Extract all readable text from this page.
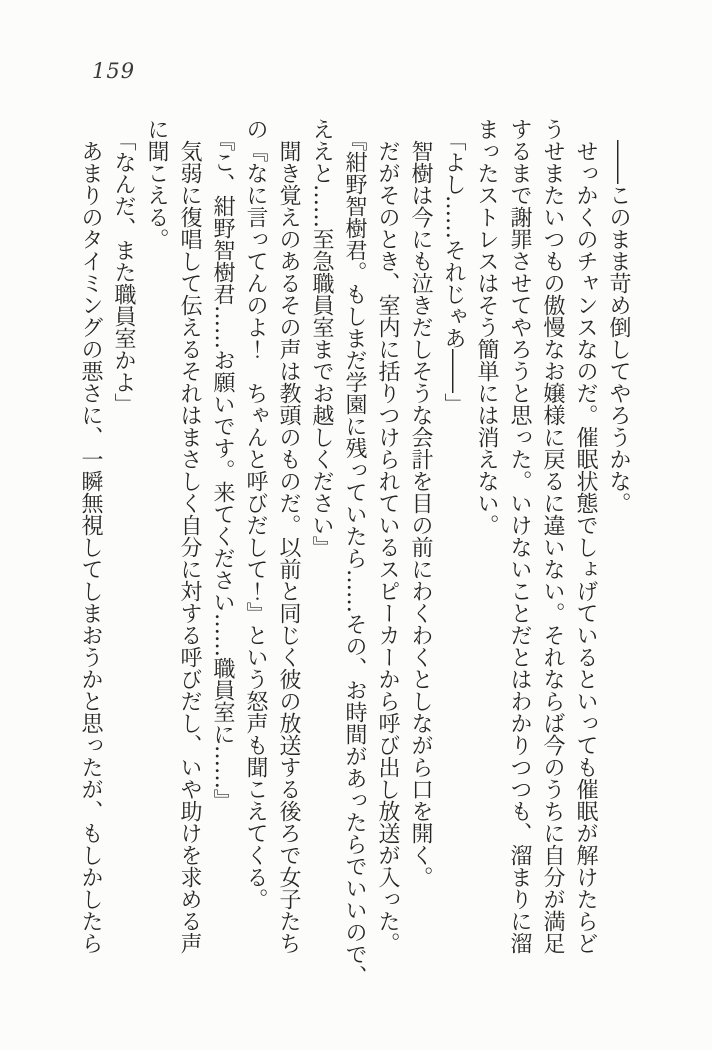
159

――このまま苛め倒してやろうかな。

せっかくのチャンスなのだ。催眠状態でしょげているといっても催眠が解けたらど

うせまたいつもの傲慢なお嬢様に戻るに違いない。それならば今のうちに自分が満足

するまで謝罪させてやろうと思った。いけないことだとはわかりつつも、溜まりに溜

まったストレスはそう簡単には消えない。

「よし……それじゃあ――」

智樹は今にも泣きだしそうな会計を目の前にわくわくとしながら口を開く。

だがそのとき、室内に括りつけられているスピーカーから呼び出し放送が入った。

『紺野智樹君。もしまだ学園に残っていたら……その、お時間があったらでいいので、

ええと……至急職員室までお越しください』

聞き覚えのあるその声は教頭のものだ。以前と同じく彼の放送する後ろで女子たち

の『なに言ってんのよ！　ちゃんと呼びだして！』という怒声も聞こえてくる。

『こ、紺野智樹君……お願いです。来てください……職員室に……』

気弱に復唱して伝えるそれはまさしく自分に対する呼びだし、いや助けを求める声

に聞こえる。

「なんだ、また職員室かよ」

あまりのタイミングの悪さに、一瞬無視してしまおうかと思ったが、もしかしたら
